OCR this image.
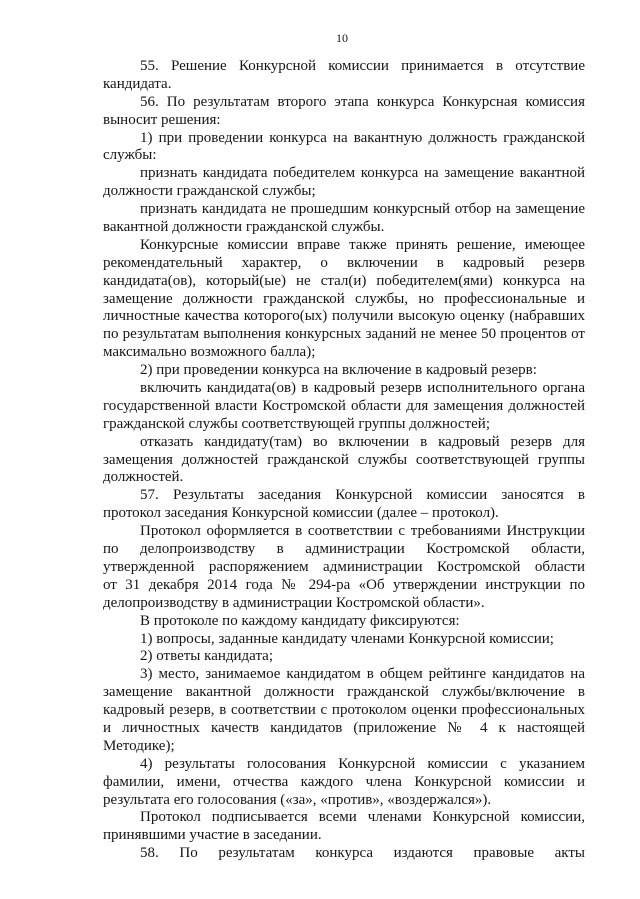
10
55. Решение Конкурсной комиссии принимается в отсутствие
кандидата.
56. По результатам второго этапа конкурса Конкурсная комиссия
выносит решения:
1) при проведении конкурса на вакантную должность гражданской
службы:
признать кандидата победителем конкурса на замещение вакантной
должности гражданской службы;
признать кандидата не прошедшим конкурсный отбор на замещение
вакантной должности гражданской службы.
Конкурсные комиссии вправе также принять решение, имеющее
рекомендательный характер, о включении в кадровый резерв
кандидата(ов), который(ые) не стал(и) победителем(ями) конкурса на
замещение должности гражданской службы, но профессиональные и
личностные качества которого(ых) получили высокую оценку (набравших
по результатам выполнения конкурсных заданий не менее 50 процентов от
максимально возможного балла);
2) при проведении конкурса на включение в кадровый резерв:
включить кандидата(ов) в кадровый резерв исполнительного органа
государственной власти Костромской области для замещения должностей
гражданской службы соответствующей группы должностей;
отказать кандидату(там) во включении в кадровый резерв для
замещения должностей гражданской службы соответствующей группы
должностей.
57. Результаты заседания Конкурсной комиссии заносятся в
протокол заседания Конкурсной комиссии (далее – протокол).
Протокол оформляется в соответствии с требованиями Инструкции
по делопроизводству в администрации Костромской области,
утвержденной распоряжением администрации Костромской области
от 31 декабря 2014 года № 294-ра «Об утверждении инструкции по
делопроизводству в администрации Костромской области».
В протоколе по каждому кандидату фиксируются:
1) вопросы, заданные кандидату членами Конкурсной комиссии;
2) ответы кандидата;
3) место, занимаемое кандидатом в общем рейтинге кандидатов на
замещение вакантной должности гражданской службы/включение в
кадровый резерв, в соответствии с протоколом оценки профессиональных
и личностных качеств кандидатов (приложение № 4 к настоящей
Методике);
4) результаты голосования Конкурсной комиссии с указанием
фамилии, имени, отчества каждого члена Конкурсной комиссии и
результата его голосования («за», «против», «воздержался»).
Протокол подписывается всеми членами Конкурсной комиссии,
принявшими участие в заседании.
58. По результатам конкурса издаются правовые акты
